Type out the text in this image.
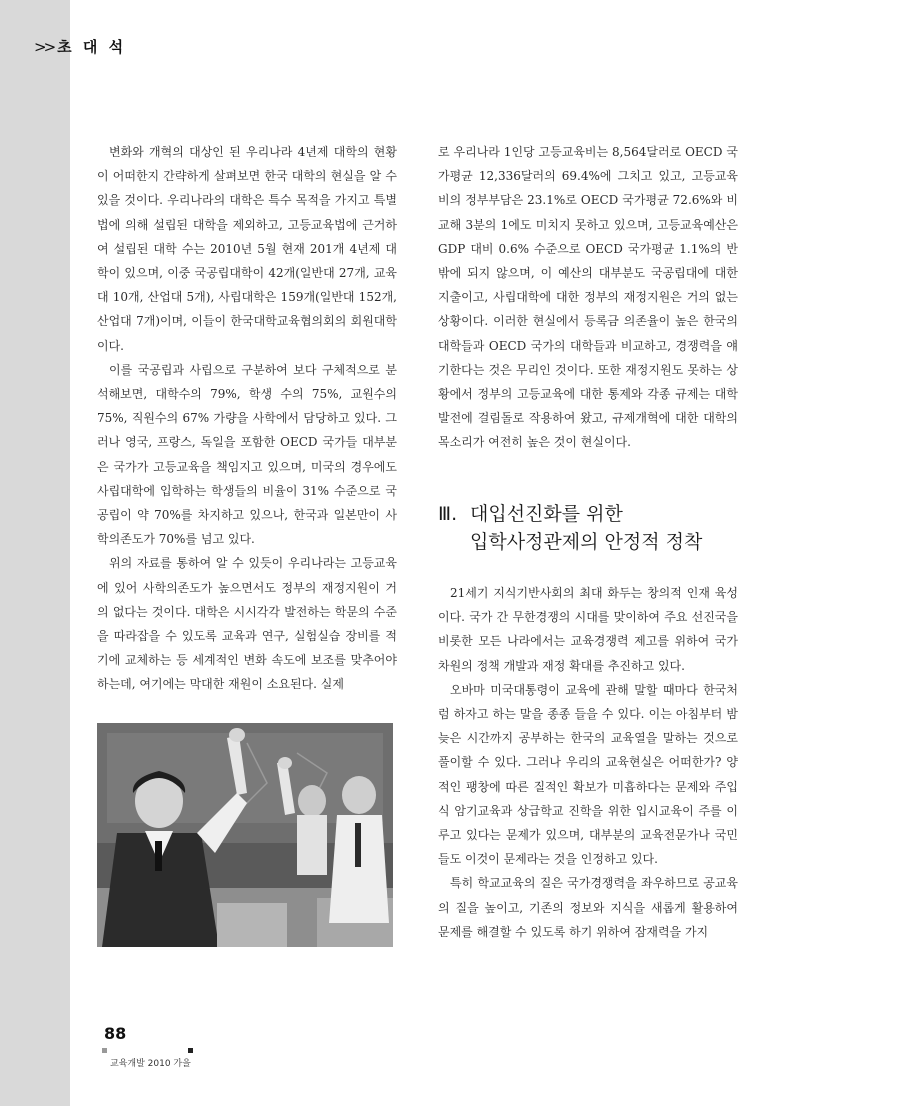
>> 초 대 석

변화와 개혁의 대상인 된 우리나라 4년제 대학의 현황이 어떠한지 간략하게 살펴보면 한국 대학의 현실을 알 수 있을 것이다. 우리나라의 대학은 특수 목적을 가지고 특별법에 의해 설립된 대학을 제외하고, 고등교육법에 근거하여 설립된 대학 수는 2010년 5월 현재 201개 4년제 대학이 있으며, 이중 국공립대학이 42개(일반대 27개, 교육대 10개, 산업대 5개), 사립대학은 159개(일반대 152개, 산업대 7개)이며, 이들이 한국대학교육협의회의 회원대학이다.

이를 국공립과 사립으로 구분하여 보다 구체적으로 분석해보면, 대학수의 79%, 학생 수의 75%, 교원수의 75%, 직원수의 67% 가량을 사학에서 담당하고 있다. 그러나 영국, 프랑스, 독일을 포함한 OECD 국가들 대부분은 국가가 고등교육을 책임지고 있으며, 미국의 경우에도 사립대학에 입학하는 학생들의 비율이 31% 수준으로 국공립이 약 70%를 차지하고 있으나, 한국과 일본만이 사학의존도가 70%를 넘고 있다.

위의 자료를 통하여 알 수 있듯이 우리나라는 고등교육에 있어 사학의존도가 높으면서도 정부의 재정지원이 거의 없다는 것이다. 대학은 시시각각 발전하는 학문의 수준을 따라잡을 수 있도록 교육과 연구, 실험실습 장비를 적기에 교체하는 등 세계적인 변화 속도에 보조를 맞추어야 하는데, 여기에는 막대한 재원이 소요된다. 실제

로 우리나라 1인당 고등교육비는 8,564달러로 OECD 국가평균 12,336달러의 69.4%에 그치고 있고, 고등교육비의 정부부담은 23.1%로 OECD 국가평균 72.6%와 비교해 3분의 1에도 미치지 못하고 있으며, 고등교육예산은 GDP 대비 0.6% 수준으로 OECD 국가평균 1.1%의 반 밖에 되지 않으며, 이 예산의 대부분도 국공립대에 대한 지출이고, 사립대학에 대한 정부의 재정지원은 거의 없는 상황이다. 이러한 현실에서 등록금 의존율이 높은 한국의 대학들과 OECD 국가의 대학들과 비교하고, 경쟁력을 얘기한다는 것은 무리인 것이다. 또한 재정지원도 못하는 상황에서 정부의 고등교육에 대한 통제와 각종 규제는 대학발전에 걸림돌로 작용하여 왔고, 규제개혁에 대한 대학의 목소리가 여전히 높은 것이 현실이다.

Ⅲ. 대입선진화를 위한
입학사정관제의 안정적 정착

21세기 지식기반사회의 최대 화두는 창의적 인재 육성이다. 국가 간 무한경쟁의 시대를 맞이하여 주요 선진국을 비롯한 모든 나라에서는 교육경쟁력 제고를 위하여 국가 차원의 정책 개발과 재정 확대를 추진하고 있다.

오바마 미국대통령이 교육에 관해 말할 때마다 한국처럼 하자고 하는 말을 종종 들을 수 있다. 이는 아침부터 밤 늦은 시간까지 공부하는 한국의 교육열을 말하는 것으로 풀이할 수 있다. 그러나 우리의 교육현실은 어떠한가? 양적인 팽창에 따른 질적인 확보가 미흡하다는 문제와 주입식 암기교육과 상급학교 진학을 위한 입시교육이 주를 이루고 있다는 문제가 있으며, 대부분의 교육전문가나 국민들도 이것이 문제라는 것을 인정하고 있다.

특히 학교교육의 질은 국가경쟁력을 좌우하므로 공교육의 질을 높이고, 기존의 정보와 지식을 새롭게 활용하여 문제를 해결할 수 있도록 하기 위하여 잠재력을 가지

88
교육개발 2010 가을
